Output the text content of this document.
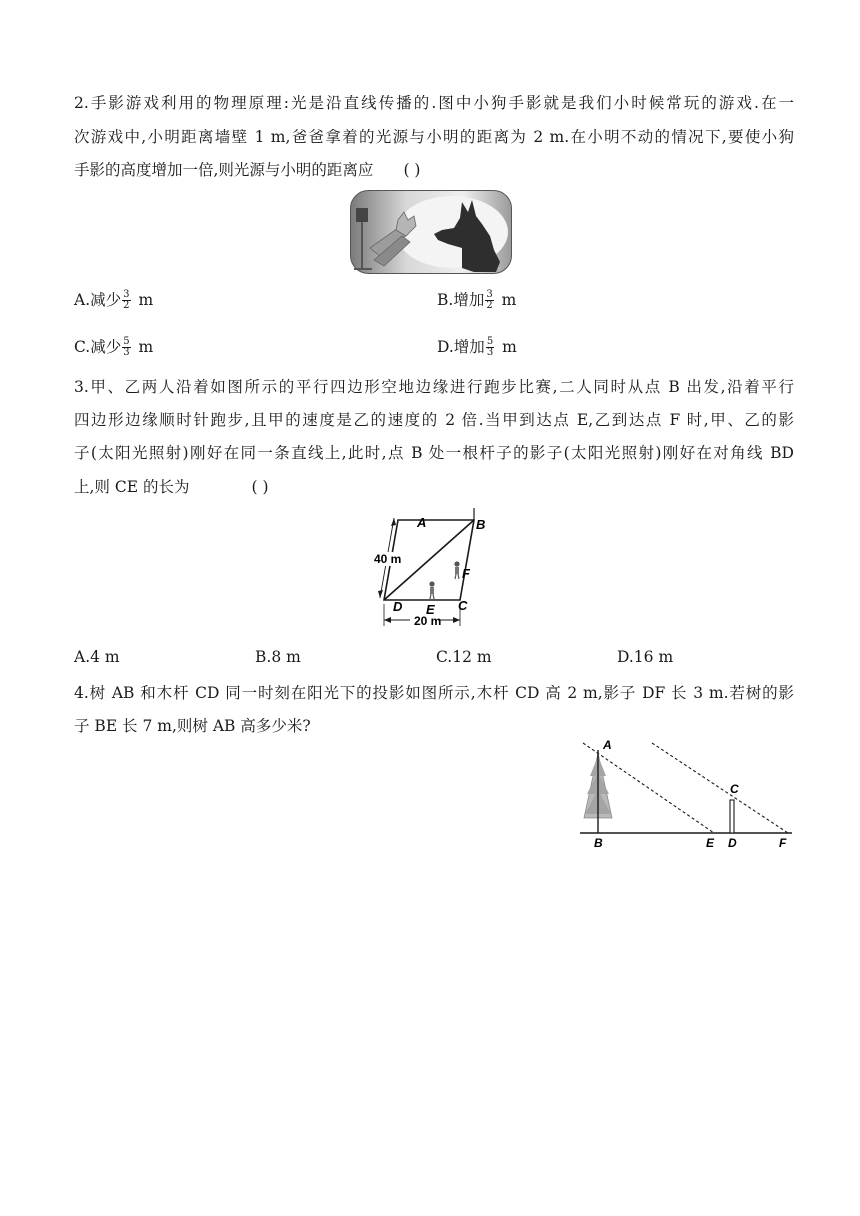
2.手影游戏利用的物理原理:光是沿直线传播的.图中小狗手影就是我们小时候常玩的游戏.在一
次游戏中,小明距离墙壁 1 m,爸爸拿着的光源与小明的距离为 2 m.在小明不动的情况下,要使小狗
手影的高度增加一倍,则光源与小明的距离应 ( )
A.减少 $\frac{3}{2}$ m	B.增加 $\frac{3}{2}$ m
C.减少 $\frac{5}{3}$ m	D.增加 $\frac{5}{3}$ m
3.甲、乙两人沿着如图所示的平行四边形空地边缘进行跑步比赛,二人同时从点 B 出发,沿着平行
四边形边缘顺时针跑步,且甲的速度是乙的速度的 2 倍.当甲到达点 E,乙到达点 F 时,甲、乙的影
子(太阳光照射)刚好在同一条直线上,此时,点 B 处一根杆子的影子(太阳光照射)刚好在对角线 BD
上,则 CE 的长为	( )
40 m
20 m
A	B
F
C
D E
A.4 m	B.8 m	C.12 m	D.16 m
4.树 AB 和木杆 CD 同一时刻在阳光下的投影如图所示,木杆 CD 高 2 m,影子 DF 长 3 m.若树的影
子 BE 长 7 m,则树 AB 高多少米?
A
B
C
D
E	F
